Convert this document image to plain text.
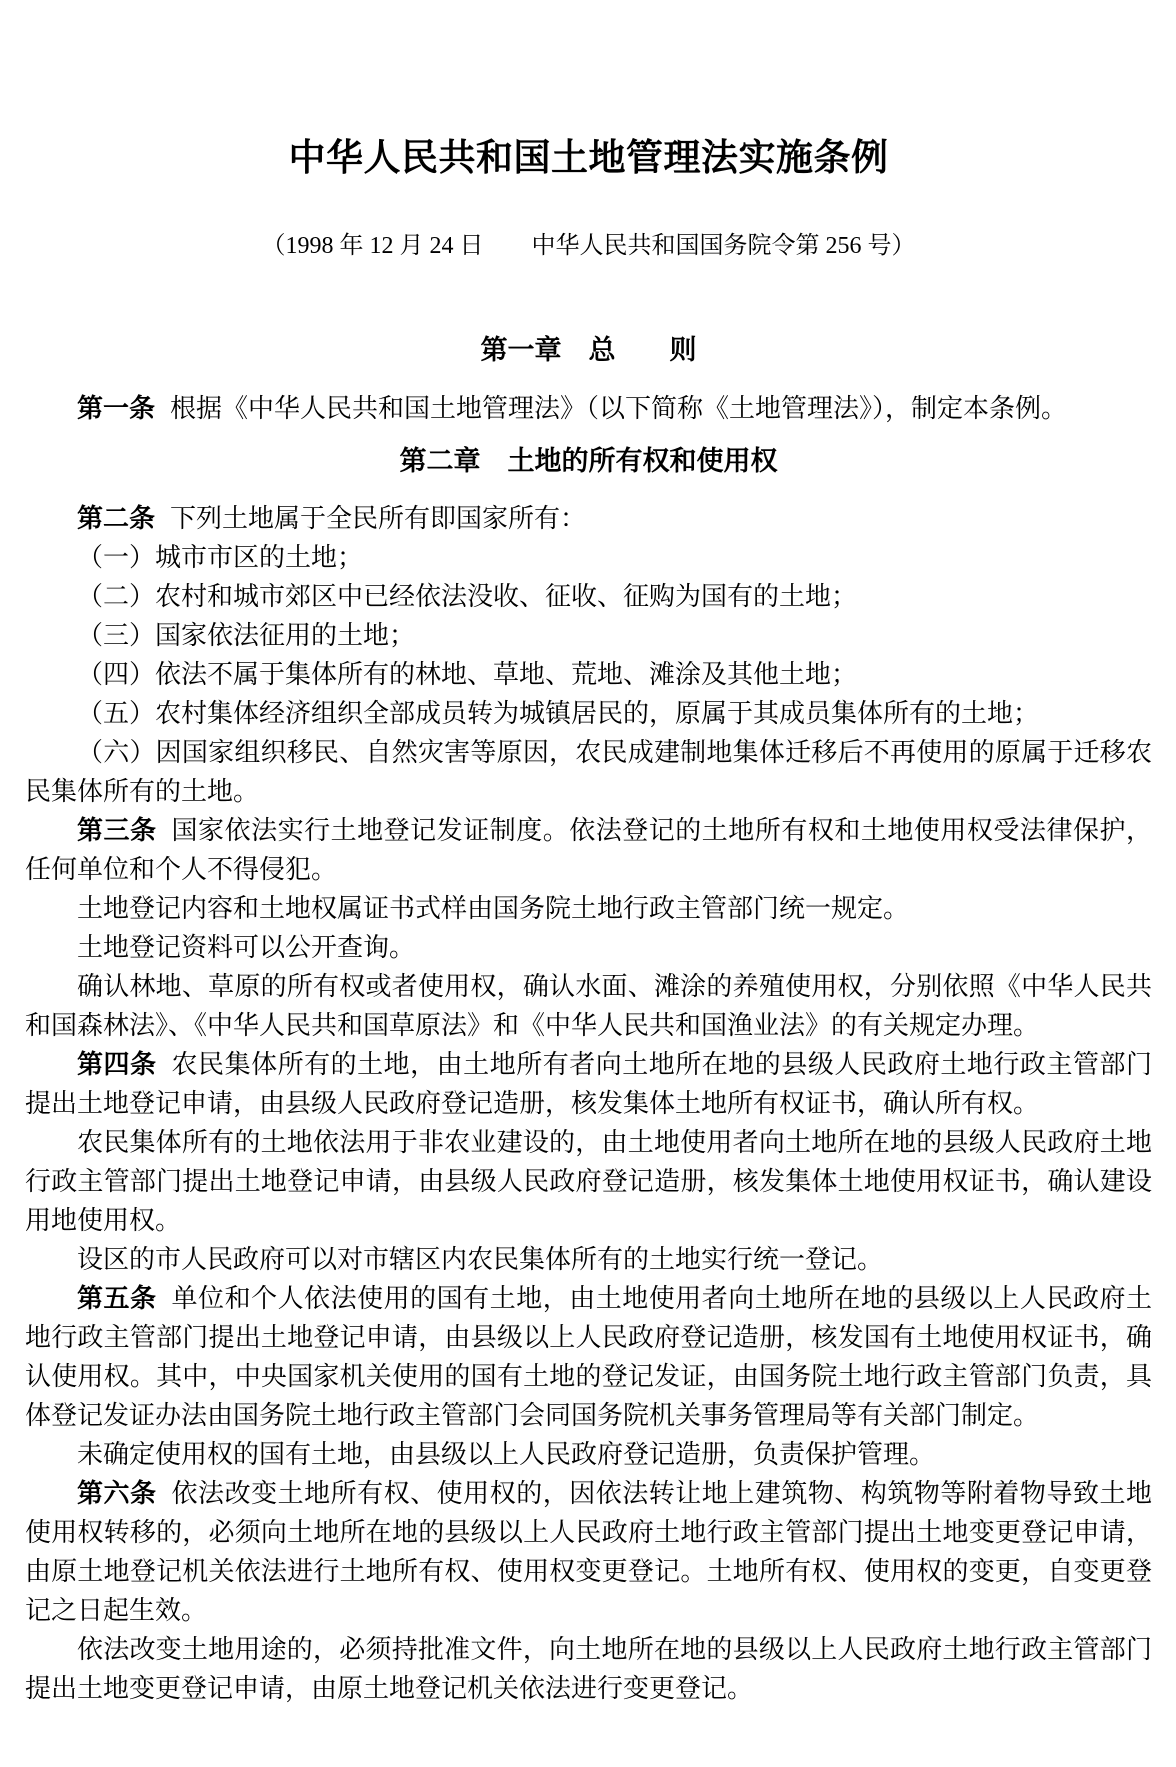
中华人民共和国土地管理法实施条例

（1998 年 12 月 24 日　　中华人民共和国国务院令第 256 号）

第一章　总　　则

第一条 根据《中华人民共和国土地管理法》（以下简称《土地管理法》），制定本条例。

第二章　土地的所有权和使用权

第二条 下列土地属于全民所有即国家所有：

（一）城市市区的土地；

（二）农村和城市郊区中已经依法没收、征收、征购为国有的土地；

（三）国家依法征用的土地；

（四）依法不属于集体所有的林地、草地、荒地、滩涂及其他土地；

（五）农村集体经济组织全部成员转为城镇居民的，原属于其成员集体所有的土地；

（六）因国家组织移民、自然灾害等原因，农民成建制地集体迁移后不再使用的原属于迁移农民集体所有的土地。

第三条 国家依法实行土地登记发证制度。依法登记的土地所有权和土地使用权受法律保护，任何单位和个人不得侵犯。

土地登记内容和土地权属证书式样由国务院土地行政主管部门统一规定。

土地登记资料可以公开查询。

确认林地、草原的所有权或者使用权，确认水面、滩涂的养殖使用权，分别依照《中华人民共和国森林法》、《中华人民共和国草原法》和《中华人民共和国渔业法》的有关规定办理。

第四条 农民集体所有的土地，由土地所有者向土地所在地的县级人民政府土地行政主管部门提出土地登记申请，由县级人民政府登记造册，核发集体土地所有权证书，确认所有权。

农民集体所有的土地依法用于非农业建设的，由土地使用者向土地所在地的县级人民政府土地行政主管部门提出土地登记申请，由县级人民政府登记造册，核发集体土地使用权证书，确认建设用地使用权。

设区的市人民政府可以对市辖区内农民集体所有的土地实行统一登记。

第五条 单位和个人依法使用的国有土地，由土地使用者向土地所在地的县级以上人民政府土地行政主管部门提出土地登记申请，由县级以上人民政府登记造册，核发国有土地使用权证书，确认使用权。其中，中央国家机关使用的国有土地的登记发证，由国务院土地行政主管部门负责，具体登记发证办法由国务院土地行政主管部门会同国务院机关事务管理局等有关部门制定。

未确定使用权的国有土地，由县级以上人民政府登记造册，负责保护管理。

第六条 依法改变土地所有权、使用权的，因依法转让地上建筑物、构筑物等附着物导致土地使用权转移的，必须向土地所在地的县级以上人民政府土地行政主管部门提出土地变更登记申请，由原土地登记机关依法进行土地所有权、使用权变更登记。土地所有权、使用权的变更，自变更登记之日起生效。

依法改变土地用途的，必须持批准文件，向土地所在地的县级以上人民政府土地行政主管部门提出土地变更登记申请，由原土地登记机关依法进行变更登记。
